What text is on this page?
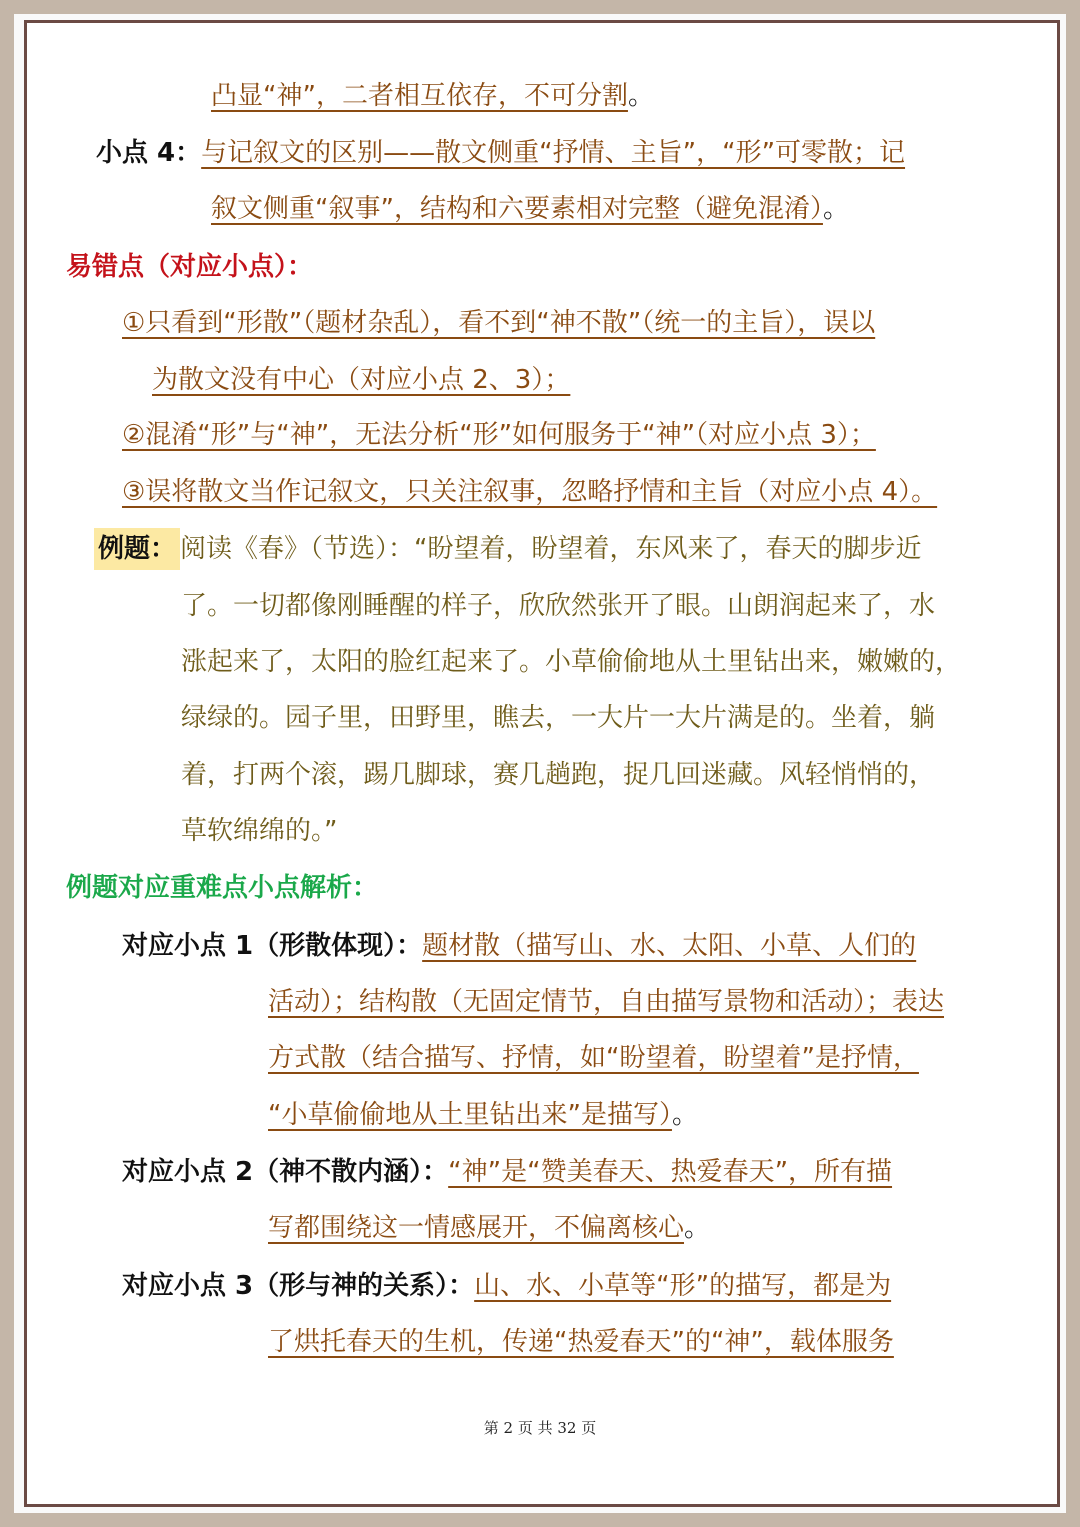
凸显“神”，二者相互依存，不可分割。
小点 4：与记叙文的区别——散文侧重“抒情、主旨”，“形”可零散；记
叙文侧重“叙事”，结构和六要素相对完整（避免混淆）。
易错点（对应小点）：
①只看到“形散”（题材杂乱），看不到“神不散”（统一的主旨），误以
为散文没有中心（对应小点 2、3）；
②混淆“形”与“神”，无法分析“形”如何服务于“神”（对应小点 3）；
③误将散文当作记叙文，只关注叙事，忽略抒情和主旨（对应小点 4）。
例题： 阅读《春》（节选）：“盼望着，盼望着，东风来了，春天的脚步近
了。一切都像刚睡醒的样子，欣欣然张开了眼。山朗润起来了，水
涨起来了，太阳的脸红起来了。小草偷偷地从土里钻出来，嫩嫩的，
绿绿的。园子里，田野里，瞧去，一大片一大片满是的。坐着，躺
着，打两个滚，踢几脚球，赛几趟跑，捉几回迷藏。风轻悄悄的，
草软绵绵的。”
例题对应重难点小点解析：
对应小点 1（形散体现）：题材散（描写山、水、太阳、小草、人们的
活动）；结构散（无固定情节，自由描写景物和活动）；表达
方式散（结合描写、抒情，如“盼望着，盼望着”是抒情，
“小草偷偷地从土里钻出来”是描写）。
对应小点 2（神不散内涵）：“神”是“赞美春天、热爱春天”，所有描
写都围绕这一情感展开，不偏离核心。
对应小点 3（形与神的关系）：山、水、小草等“形”的描写，都是为
了烘托春天的生机，传递“热爱春天”的“神”，载体服务
第 2 页 共 32 页
